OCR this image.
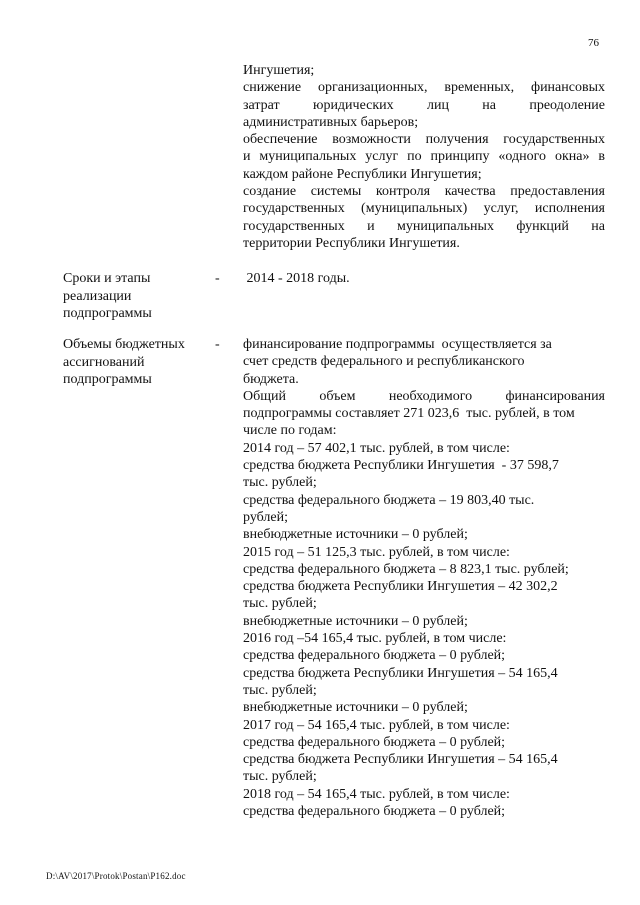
76
Ингушетия;
снижение организационных, временных, финансовых
затрат юридических лиц на преодоление
административных барьеров;
обеспечение возможности получения государственных
и муниципальных услуг по принципу «одного окна» в
каждом районе Республики Ингушетия;
создание системы контроля качества предоставления
государственных (муниципальных) услуг, исполнения
государственных и муниципальных функций на
территории Республики Ингушетия.
Сроки и этапы
реализации
подпрограммы
- 2014 - 2018 годы.
Объемы бюджетных
ассигнований
подпрограммы
- финансирование подпрограммы  осуществляется за
счет средств федерального и республиканского
бюджета.
Общий объем необходимого финансирования
подпрограммы составляет 271 023,6  тыс. рублей, в том
числе по годам:
2014 год – 57 402,1 тыс. рублей, в том числе:
средства бюджета Республики Ингушетия  - 37 598,7
тыс. рублей;
средства федерального бюджета – 19 803,40 тыс.
рублей;
внебюджетные источники – 0 рублей;
2015 год – 51 125,3 тыс. рублей, в том числе:
средства федерального бюджета – 8 823,1 тыс. рублей;
средства бюджета Республики Ингушетия – 42 302,2
тыс. рублей;
внебюджетные источники – 0 рублей;
2016 год –54 165,4 тыс. рублей, в том числе:
средства федерального бюджета – 0 рублей;
средства бюджета Республики Ингушетия – 54 165,4
тыс. рублей;
внебюджетные источники – 0 рублей;
2017 год – 54 165,4 тыс. рублей, в том числе:
средства федерального бюджета – 0 рублей;
средства бюджета Республики Ингушетия – 54 165,4
тыс. рублей;
2018 год – 54 165,4 тыс. рублей, в том числе:
средства федерального бюджета – 0 рублей;
D:\AV\2017\Protok\Postan\P162.doc
